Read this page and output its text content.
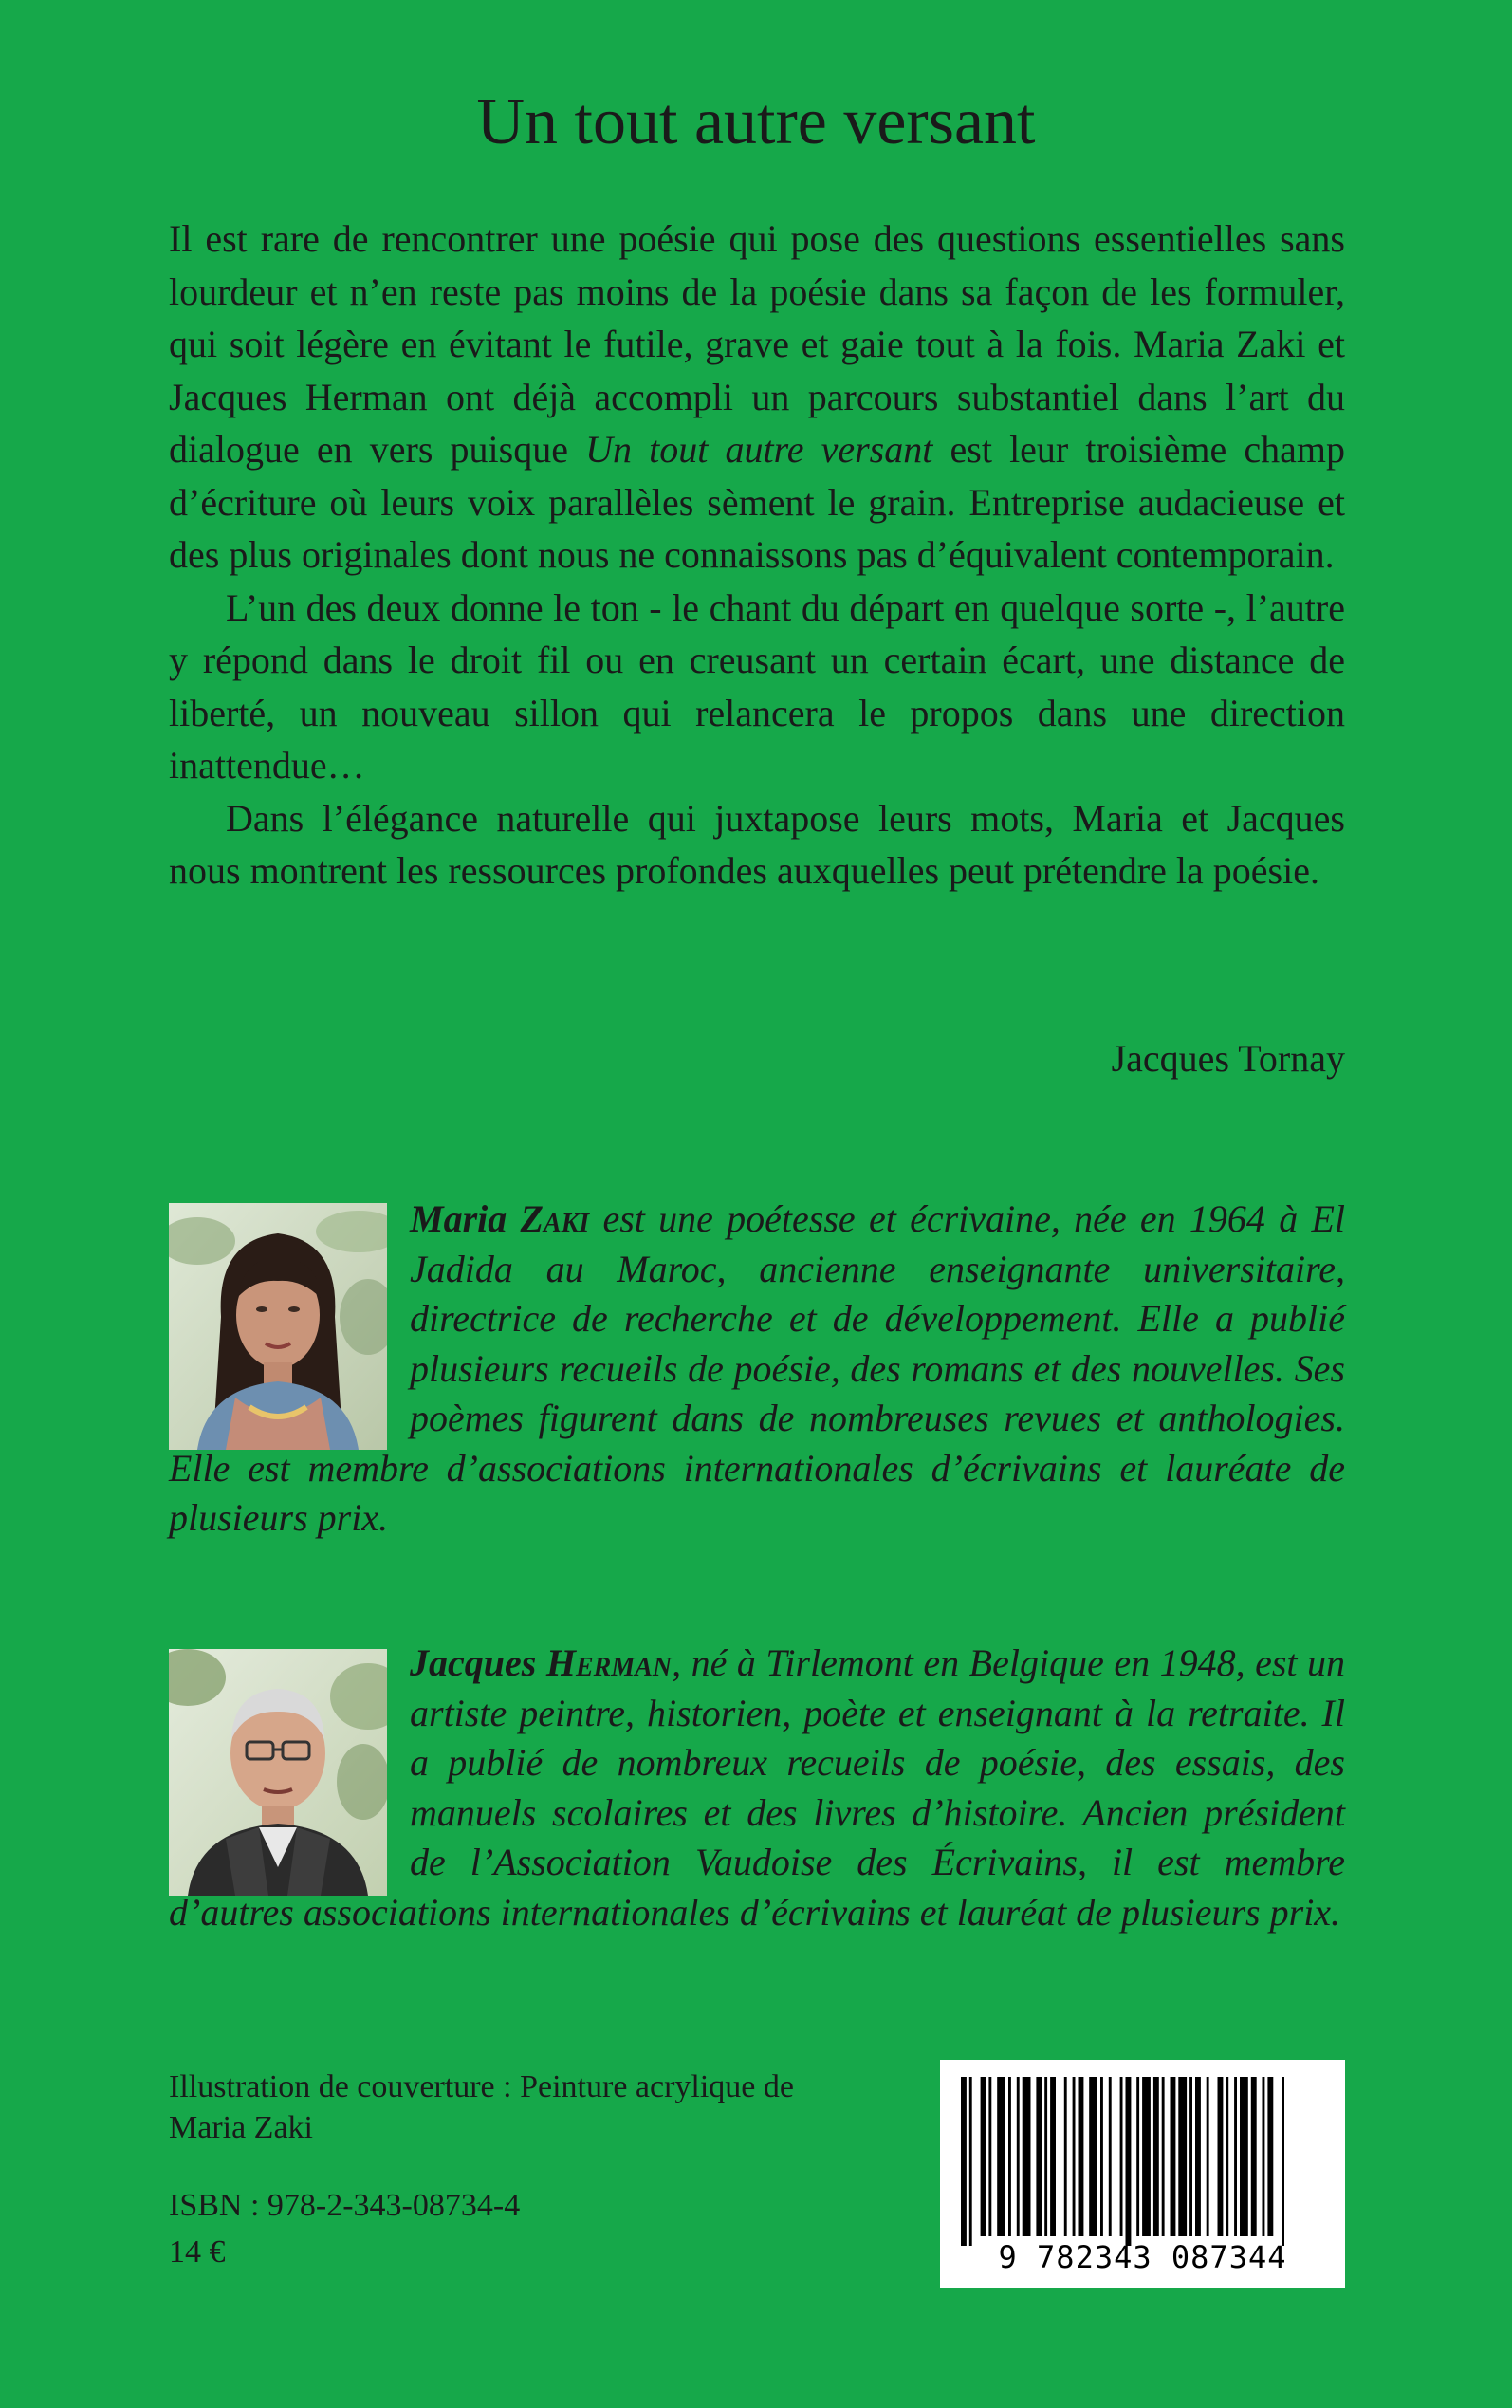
Un tout autre versant

Il est rare de rencontrer une poésie qui pose des questions essentielles sans lourdeur et n’en reste pas moins de la poésie dans sa façon de les formuler, qui soit légère en évitant le futile, grave et gaie tout à la fois. Maria Zaki et Jacques Herman ont déjà accompli un parcours substantiel dans l’art du dialogue en vers puisque Un tout autre versant est leur troisième champ d’écriture où leurs voix parallèles sèment le grain. Entreprise audacieuse et des plus originales dont nous ne connaissons pas d’équivalent contemporain.

L’un des deux donne le ton - le chant du départ en quelque sorte -, l’autre y répond dans le droit fil ou en creusant un certain écart, une distance de liberté, un nouveau sillon qui relancera le propos dans une direction inattendue…

Dans l’élégance naturelle qui juxtapose leurs mots, Maria et Jacques nous montrent les ressources profondes auxquelles peut prétendre la poésie.

Jacques Tornay
Maria Zaki est une poétesse et écrivaine, née en 1964 à El Jadida au Maroc, ancienne enseignante universitaire, directrice de recherche et de développement. Elle a publié plusieurs recueils de poésie, des romans et des nouvelles. Ses poèmes figurent dans de nombreuses revues et anthologies. Elle est membre d’associations internationales d’écrivains et lauréate de plusieurs prix.
Jacques Herman, né à Tirlemont en Belgique en 1948, est un artiste peintre, historien, poète et enseignant à la retraite. Il a publié de nombreux recueils de poésie, des essais, des manuels scolaires et des livres d’histoire. Ancien président de l’Association Vaudoise des Écrivains, il est membre d’autres associations internationales d’écrivains et lauréat de plusieurs prix.
Illustration de couverture : Peinture acrylique de Maria Zaki
ISBN : 978-2-343-08734-4
14 €	9 782343 087344
